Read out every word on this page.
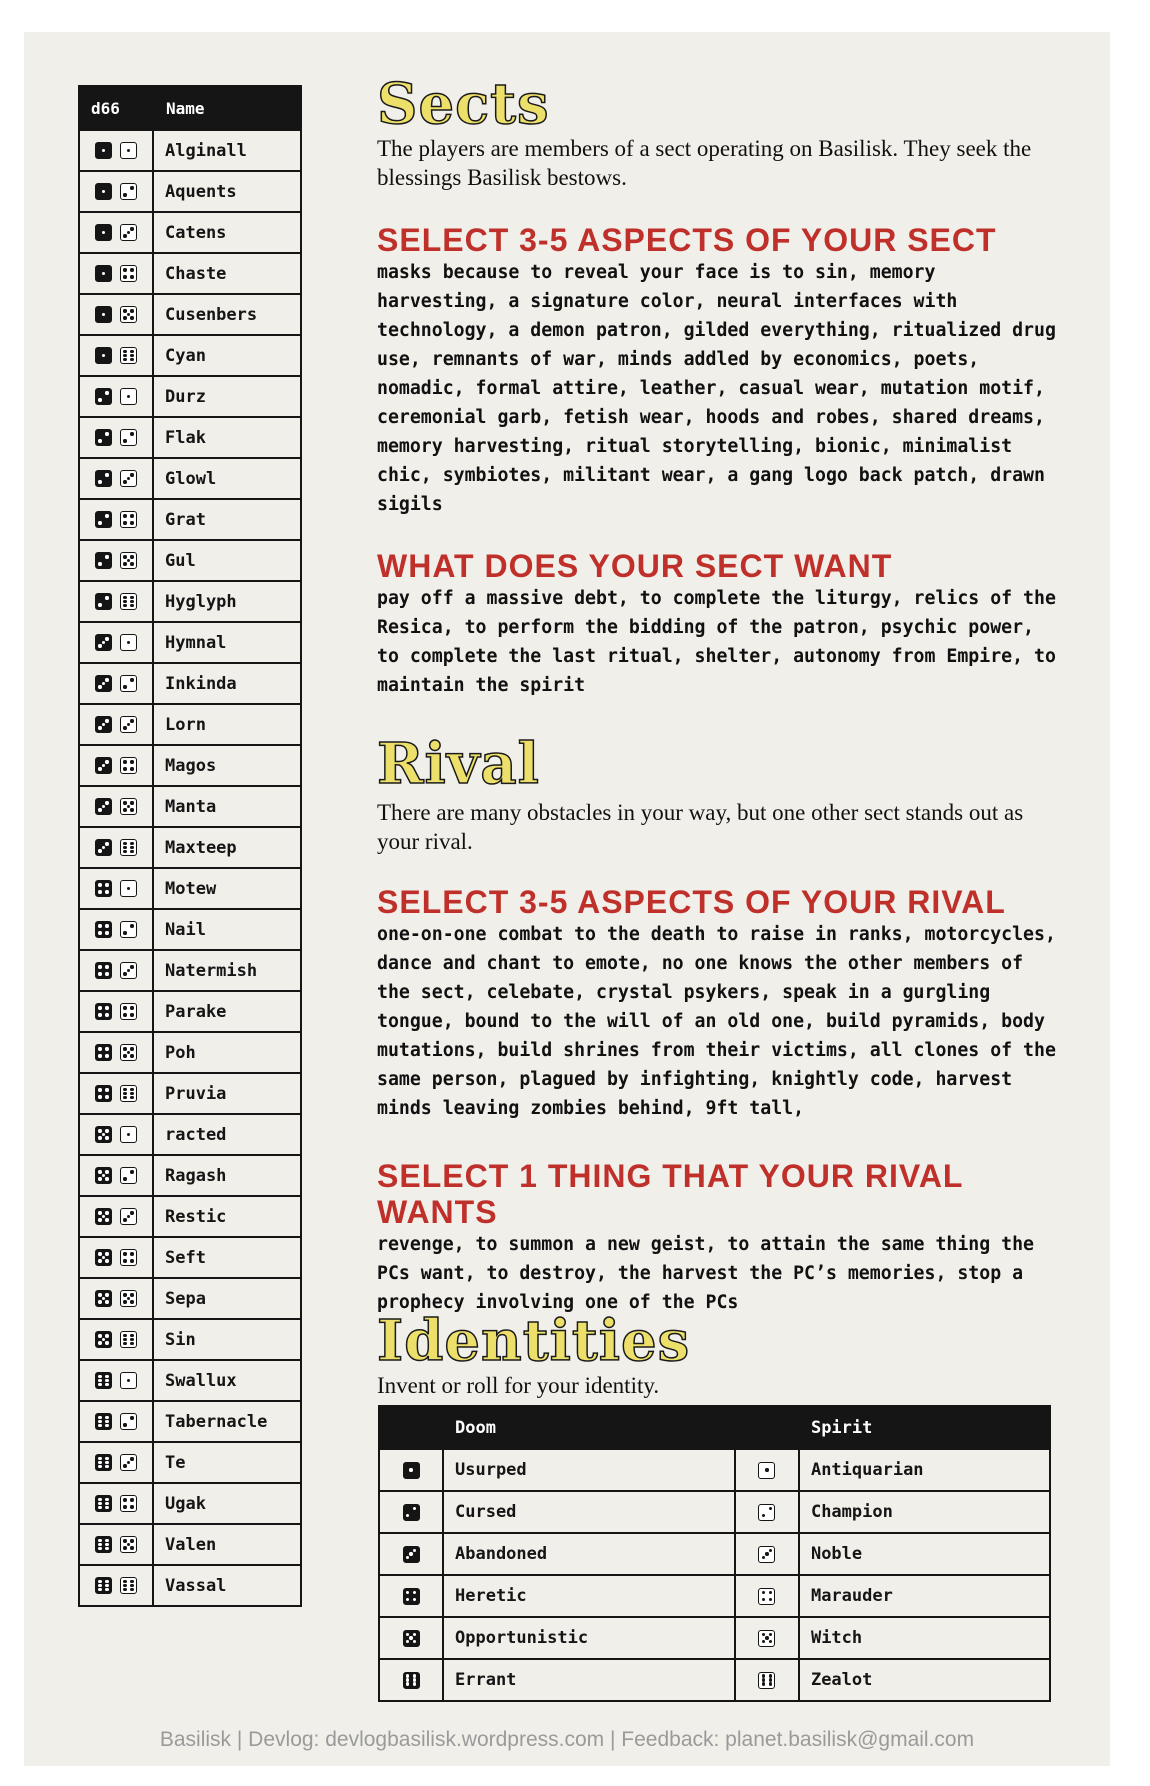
d66	Name

	Alginall

	Aquents

	Catens

	Chaste

	Cusenbers

	Cyan

	Durz

	Flak

	Glowl

	Grat

	Gul

	Hyglyph

	Hymnal

	Inkinda

	Lorn

	Magos

	Manta

	Maxteep

	Motew

	Nail

	Natermish

	Parake

	Poh

	Pruvia

	racted

	Ragash

	Restic

	Seft

	Sepa

	Sin

	Swallux

	Tabernacle

	Te

	Ugak

	Valen

	Vassal
Sects

The players are members of a sect operating on Basilisk. They seek the blessings Basilisk bestows.

SELECT 3-5 ASPECTS OF YOUR SECT

masks because to reveal your face is to sin, memory harvesting, a signature color, neural interfaces with technology, a demon patron, gilded everything, ritualized drug use, remnants of war, minds addled by economics, poets, nomadic, formal attire, leather, casual wear, mutation motif, ceremonial garb, fetish wear, hoods and robes, shared dreams, memory harvesting, ritual storytelling, bionic, minimalist chic, symbiotes, militant wear, a gang logo back patch, drawn sigils

WHAT DOES YOUR SECT WANT

pay off a massive debt, to complete the liturgy, relics of the Resica, to perform the bidding of the patron, psychic power, to complete the last ritual, shelter, autonomy from Empire, to maintain the spirit

Rival

There are many obstacles in your way, but one other sect stands out as your rival.

SELECT 3-5 ASPECTS OF YOUR RIVAL

one-on-one combat to the death to raise in ranks, motorcycles, dance and chant to emote, no one knows the other members of the sect, celebate, crystal psykers, speak in a gurgling tongue, bound to the will of an old one, build pyramids, body mutations, build shrines from their victims, all clones of the same person, plagued by infighting, knightly code, harvest minds leaving zombies behind, 9ft tall,

SELECT 1 THING THAT YOUR RIVAL WANTS

revenge, to summon a new geist, to attain the same thing the PCs want, to destroy, the harvest the PC’s memories, stop a prophecy involving one of the PCs

Identities

Invent or roll for your identity.

	Doom		Spirit

	Usurped		Antiquarian

	Cursed		Champion

	Abandoned		Noble

	Heretic		Marauder

	Opportunistic		Witch

	Errant		Zealot
Basilisk | Devlog: devlogbasilisk.wordpress.com | Feedback: planet.basilisk@gmail.com
